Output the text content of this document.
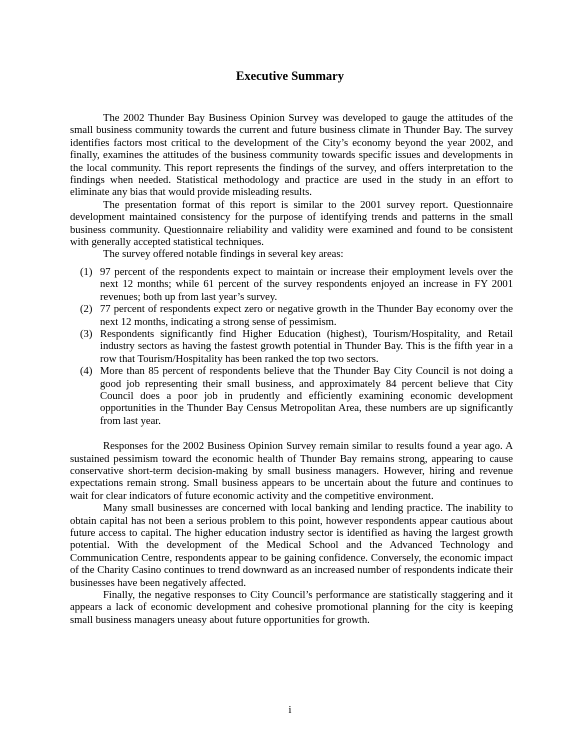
Executive Summary

The 2002 Thunder Bay Business Opinion Survey was developed to gauge the attitudes of the small business community towards the current and future business climate in Thunder Bay. The survey identifies factors most critical to the development of the City’s economy beyond the year 2002, and finally, examines the attitudes of the business community towards specific issues and developments in the local community. This report represents the findings of the survey, and offers interpretation to the findings when needed. Statistical methodology and practice are used in the study in an effort to eliminate any bias that would provide misleading results.

The presentation format of this report is similar to the 2001 survey report. Questionnaire development maintained consistency for the purpose of identifying trends and patterns in the small business community. Questionnaire reliability and validity were examined and found to be consistent with generally accepted statistical techniques.

The survey offered notable findings in several key areas:

(1) 97 percent of the respondents expect to maintain or increase their employment levels over the next 12 months; while 61 percent of the survey respondents enjoyed an increase in FY 2001 revenues; both up from last year’s survey.
(2) 77 percent of respondents expect zero or negative growth in the Thunder Bay economy over the next 12 months, indicating a strong sense of pessimism.
(3) Respondents significantly find Higher Education (highest), Tourism/Hospitality, and Retail industry sectors as having the fastest growth potential in Thunder Bay. This is the fifth year in a row that Tourism/Hospitality has been ranked the top two sectors.
(4) More than 85 percent of respondents believe that the Thunder Bay City Council is not doing a good job representing their small business, and approximately 84 percent believe that City Council does a poor job in prudently and efficiently examining economic development opportunities in the Thunder Bay Census Metropolitan Area, these numbers are up significantly from last year.

Responses for the 2002 Business Opinion Survey remain similar to results found a year ago. A sustained pessimism toward the economic health of Thunder Bay remains strong, appearing to cause conservative short-term decision-making by small business managers. However, hiring and revenue expectations remain strong. Small business appears to be uncertain about the future and continues to wait for clear indicators of future economic activity and the competitive environment.

Many small businesses are concerned with local banking and lending practice. The inability to obtain capital has not been a serious problem to this point, however respondents appear cautious about future access to capital. The higher education industry sector is identified as having the largest growth potential. With the development of the Medical School and the Advanced Technology and Communication Centre, respondents appear to be gaining confidence. Conversely, the economic impact of the Charity Casino continues to trend downward as an increased number of respondents indicate their businesses have been negatively affected.

Finally, the negative responses to City Council’s performance are statistically staggering and it appears a lack of economic development and cohesive promotional planning for the city is keeping small business managers uneasy about future opportunities for growth.

i
